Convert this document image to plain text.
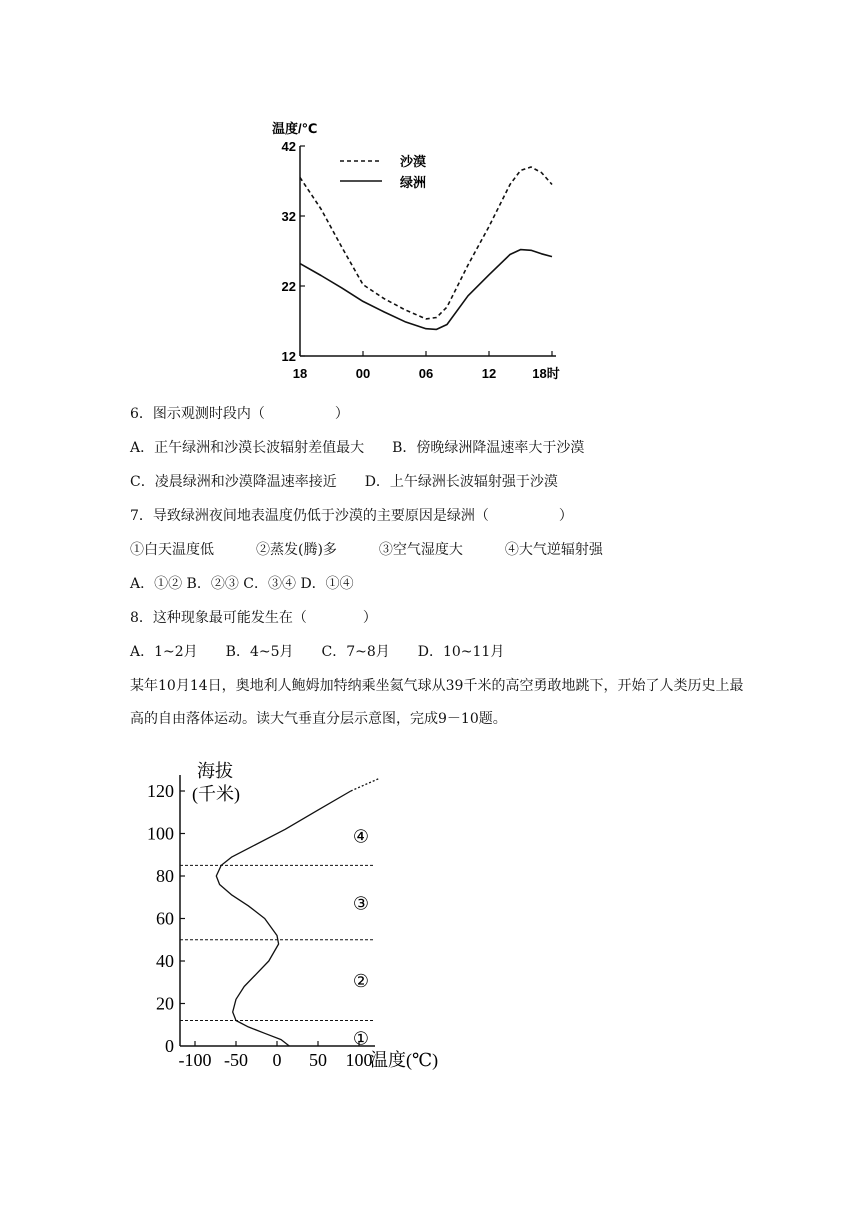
温度/℃
12
22
32
42
18	00	06	12	18时
沙漠
绿洲
6．图示观测时段内（　　　　　）
A．正午绿洲和沙漠长波辐射差值最大　　B．傍晚绿洲降温速率大于沙漠
C．凌晨绿洲和沙漠降温速率接近　　D．上午绿洲长波辐射强于沙漠
7．导致绿洲夜间地表温度仍低于沙漠的主要原因是绿洲（　　　　　）
①白天温度低　　　②蒸发(腾)多　　　③空气湿度大　　　④大气逆辐射强
A．①② B．②③ C．③④ D．①④
8．这种现象最可能发生在（　　　　）
A．1~2月　　B．4~5月　　C．7~8月　　D．10~11月
某年10月14日，奥地利人鲍姆加特纳乘坐氦气球从39千米的高空勇敢地跳下，开始了人类历史上最高的自由落体运动。读大气垂直分层示意图，完成9－10题。
海拔
(千米)
温度(℃)
0
20
40
60
80
100
120
-100 -50 0 50 100
①
②
③
④
